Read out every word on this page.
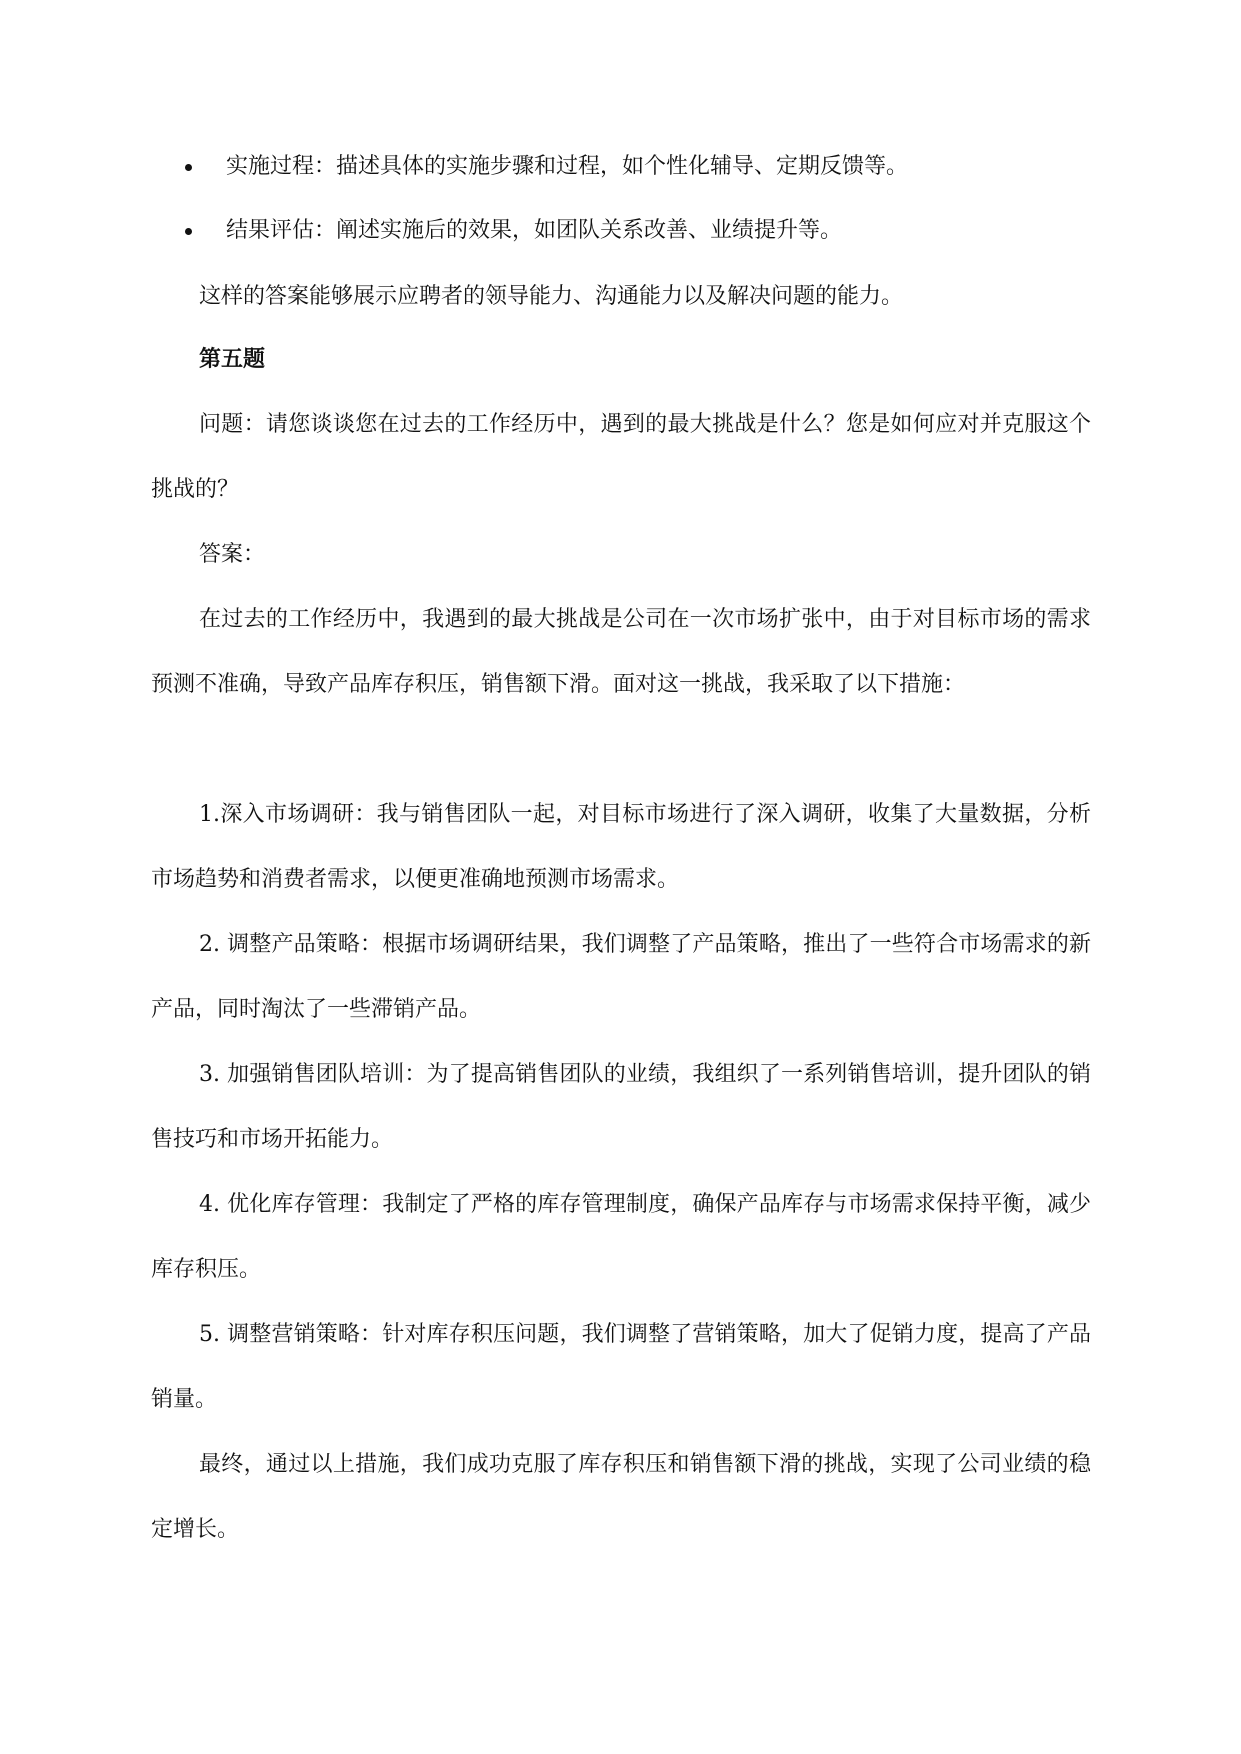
实施过程：描述具体的实施步骤和过程，如个性化辅导、定期反馈等。
结果评估：阐述实施后的效果，如团队关系改善、业绩提升等。

这样的答案能够展示应聘者的领导能力、沟通能力以及解决问题的能力。

第五题

问题：请您谈谈您在过去的工作经历中，遇到的最大挑战是什么？您是如何应对并克服这个挑战的？

答案：

在过去的工作经历中，我遇到的最大挑战是公司在一次市场扩张中，由于对目标市场的需求预测不准确，导致产品库存积压，销售额下滑。面对这一挑战，我采取了以下措施：

1.深入市场调研：我与销售团队一起，对目标市场进行了深入调研，收集了大量数据，分析市场趋势和消费者需求，以便更准确地预测市场需求。

2. 调整产品策略：根据市场调研结果，我们调整了产品策略，推出了一些符合市场需求的新产品，同时淘汰了一些滞销产品。

3. 加强销售团队培训：为了提高销售团队的业绩，我组织了一系列销售培训，提升团队的销售技巧和市场开拓能力。

4. 优化库存管理：我制定了严格的库存管理制度，确保产品库存与市场需求保持平衡，减少库存积压。

5. 调整营销策略：针对库存积压问题，我们调整了营销策略，加大了促销力度，提高了产品销量。

最终，通过以上措施，我们成功克服了库存积压和销售额下滑的挑战，实现了公司业绩的稳定增长。
